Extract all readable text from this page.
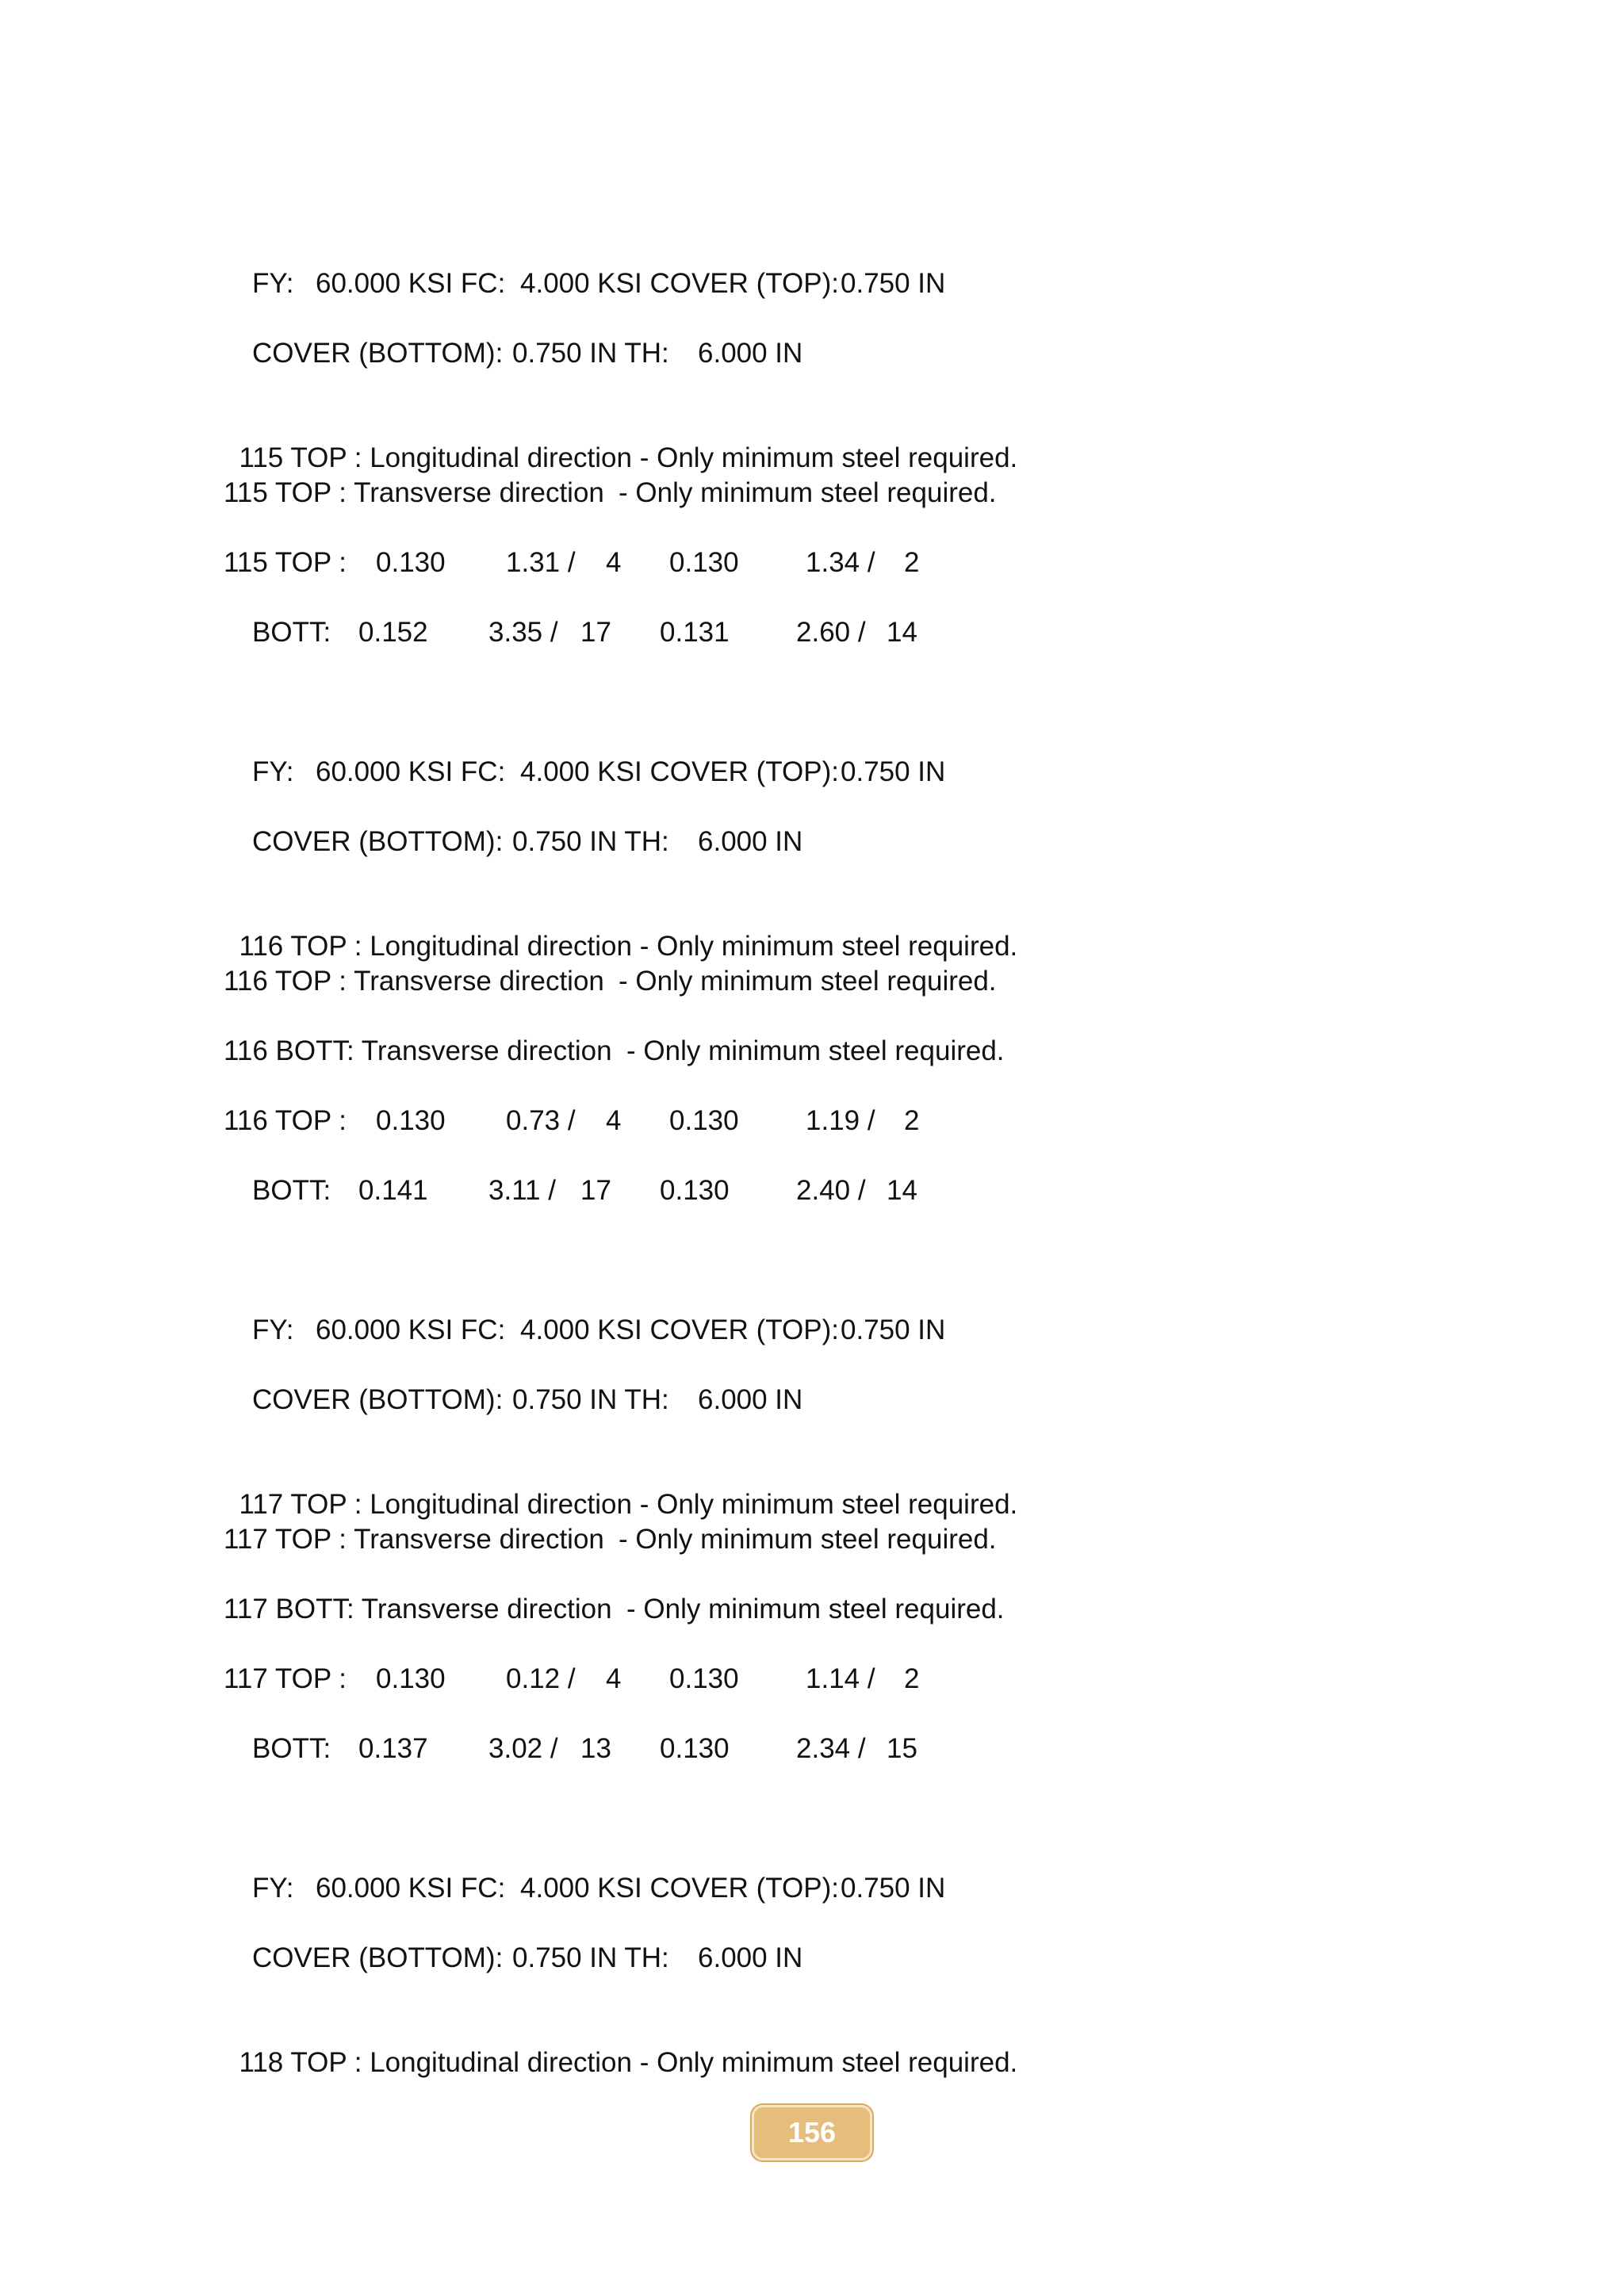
FY:

60.000 KSI FC:

4.000 KSI COVER (TOP):

0.750 IN

COVER (BOTTOM):

0.750 IN TH:

6.000 IN

115 TOP : Longitudinal direction - Only minimum steel required.

115 TOP : Transverse direction

- Only minimum steel required.

115 TOP :

0.130

1.31 /

4

0.130

1.34 /

2

BOTT:

0.152

3.35 /

17

0.131

2.60 /

14

FY:

60.000 KSI FC:

4.000 KSI COVER (TOP):

0.750 IN

COVER (BOTTOM):

0.750 IN TH:

6.000 IN

116 TOP : Longitudinal direction - Only minimum steel required.

116 TOP : Transverse direction

- Only minimum steel required.

116 BOTT: Transverse direction

- Only minimum steel required.

116 TOP :

0.130

0.73 /

4

0.130

1.19 /

2

BOTT:

0.141

3.11 /

17

0.130

2.40 /

14

FY:

60.000 KSI FC:

4.000 KSI COVER (TOP):

0.750 IN

COVER (BOTTOM):

0.750 IN TH:

6.000 IN

117 TOP : Longitudinal direction - Only minimum steel required.

117 TOP : Transverse direction

- Only minimum steel required.

117 BOTT: Transverse direction

- Only minimum steel required.

117 TOP :

0.130

0.12 /

4

0.130

1.14 /

2

BOTT:

0.137

3.02 /

13

0.130

2.34 /

15

FY:

60.000 KSI FC:

4.000 KSI COVER (TOP):

0.750 IN

COVER (BOTTOM):

0.750 IN TH:

6.000 IN

118 TOP : Longitudinal direction - Only minimum steel required.

156
